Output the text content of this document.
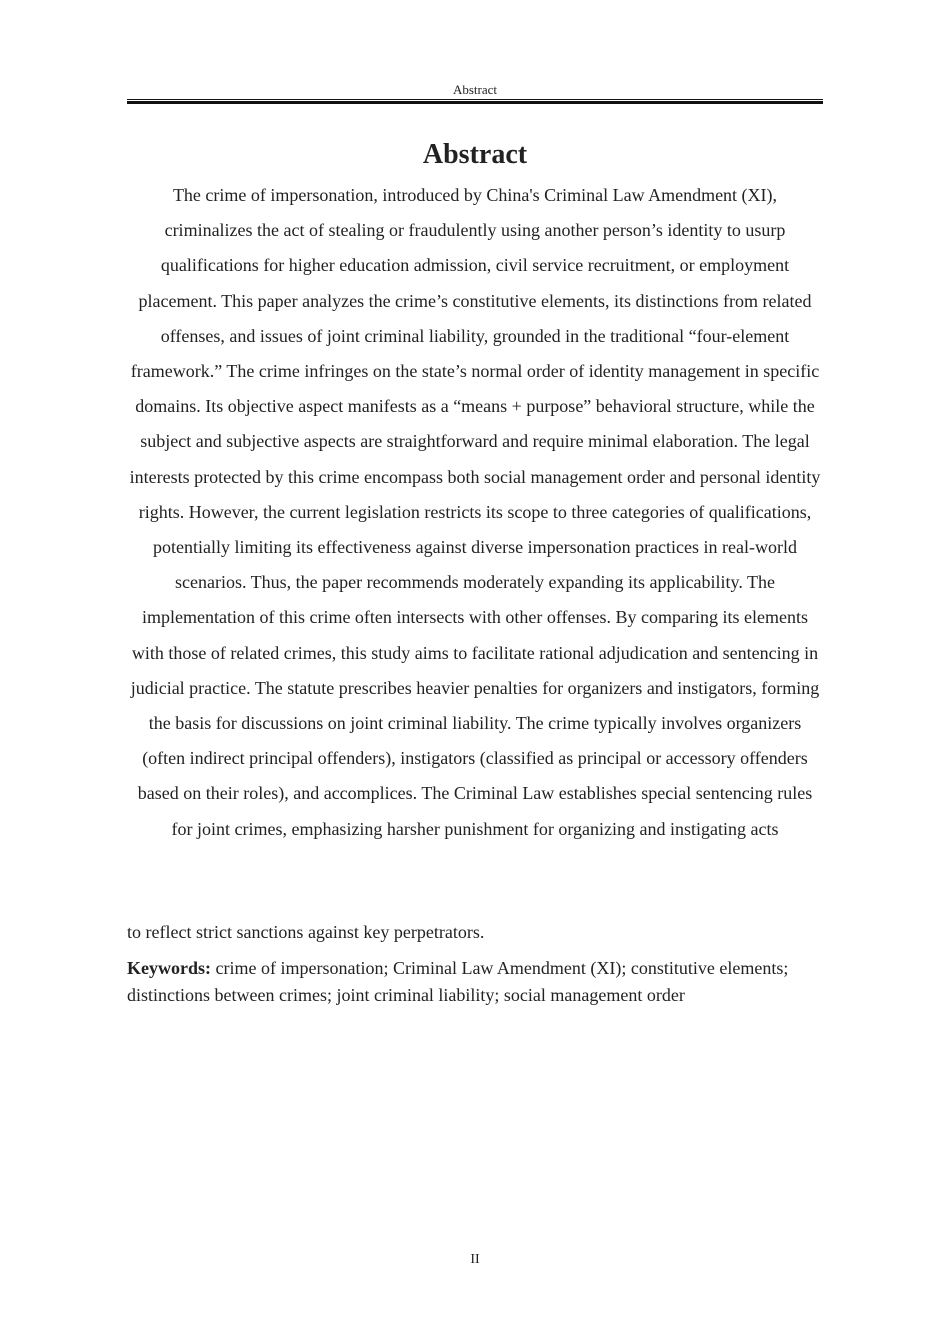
Abstract
Abstract

The crime of impersonation, introduced by China's Criminal Law Amendment (XI), criminalizes the act of stealing or fraudulently using another person’s identity to usurp qualifications for higher education admission, civil service recruitment, or employment placement. This paper analyzes the crime’s constitutive elements, its distinctions from related offenses, and issues of joint criminal liability, grounded in the traditional “four-element framework.” The crime infringes on the state’s normal order of identity management in specific domains. Its objective aspect manifests as a “means + purpose” behavioral structure, while the subject and subjective aspects are straightforward and require minimal elaboration. The legal interests protected by this crime encompass both social management order and personal identity rights. However, the current legislation restricts its scope to three categories of qualifications, potentially limiting its effectiveness against diverse impersonation practices in real-world scenarios. Thus, the paper recommends moderately expanding its applicability. The implementation of this crime often intersects with other offenses. By comparing its elements with those of related crimes, this study aims to facilitate rational adjudication and sentencing in judicial practice. The statute prescribes heavier penalties for organizers and instigators, forming the basis for discussions on joint criminal liability. The crime typically involves organizers (often indirect principal offenders), instigators (classified as principal or accessory offenders based on their roles), and accomplices. The Criminal Law establishes special sentencing rules for joint crimes, emphasizing harsher punishment for organizing and instigating acts

to reflect strict sanctions against key perpetrators.

Keywords: crime of impersonation; Criminal Law Amendment (XI); constitutive elements; distinctions between crimes; joint criminal liability; social management order

II
